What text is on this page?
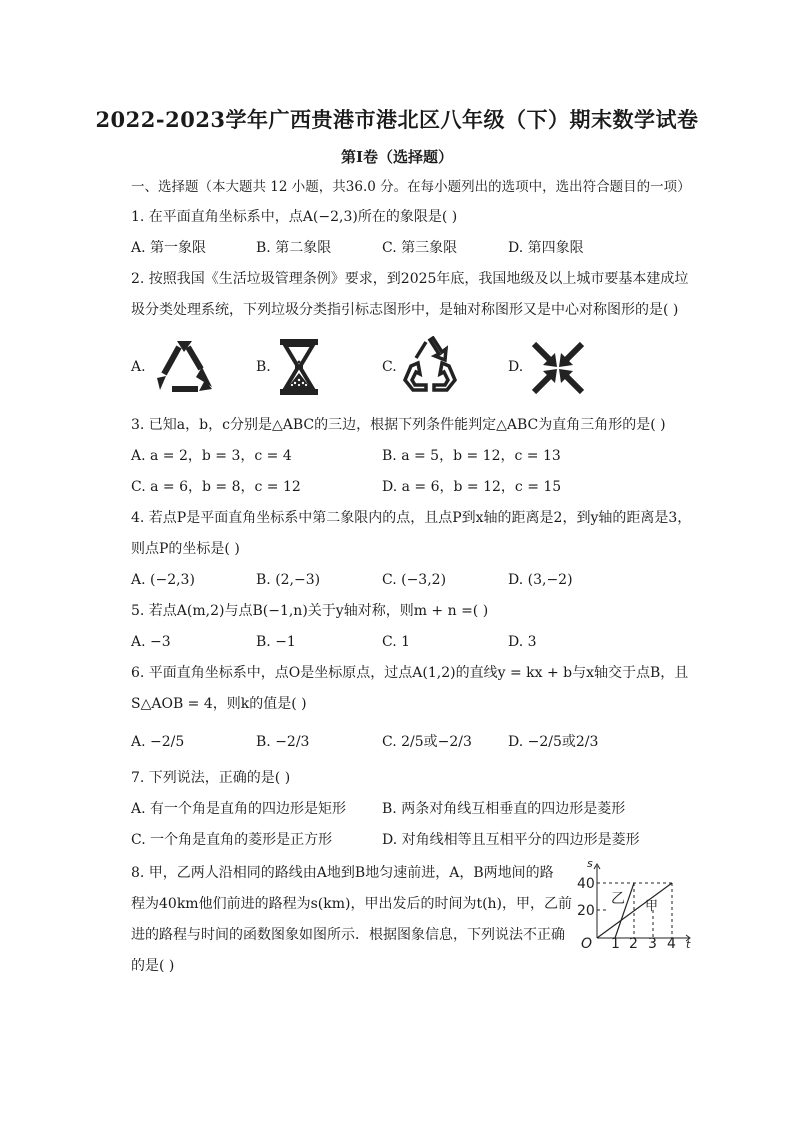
2022-2023学年广西贵港市港北区八年级（下）期末数学试卷
第I卷（选择题）
一、选择题（本大题共 12 小题，共36.0 分。在每小题列出的选项中，选出符合题目的一项）
1. 在平面直角坐标系中，点A(−2,3)所在的象限是( )
A. 第一象限	B. 第二象限	C. 第三象限	D. 第四象限
2. 按照我国《生活垃圾管理条例》要求，到2025年底，我国地级及以上城市要基本建成垃
圾分类处理系统，下列垃圾分类指引标志图形中，是轴对称图形又是中心对称图形的是( )
A.	B.	C.	D.
3. 已知a，b，c分别是△ABC的三边，根据下列条件能判定△ABC为直角三角形的是( )
A. a = 2，b = 3，c = 4	B. a = 5，b = 12，c = 13
C. a = 6，b = 8，c = 12	D. a = 6，b = 12，c = 15
4. 若点P是平面直角坐标系中第二象限内的点，且点P到x轴的距离是2，到y轴的距离是3，
则点P的坐标是( )
A. (−2,3)	B. (2,−3)	C. (−3,2)	D. (3,−2)
5. 若点A(m,2)与点B(−1,n)关于y轴对称，则m + n =( )
A. −3	B. −1	C. 1	D. 3
6. 平面直角坐标系中，点O是坐标原点，过点A(1,2)的直线y = kx + b与x轴交于点B，且
S△AOB = 4，则k的值是( )
A. −2/5	B. −2/3	C. 2/5或−2/3	D. −2/5或2/3
7. 下列说法，正确的是( )
A. 有一个角是直角的四边形是矩形	B. 两条对角线互相垂直的四边形是菱形
C. 一个角是直角的菱形是正方形	D. 对角线相等且互相平分的四边形是菱形
8. 甲，乙两人沿相同的路线由A地到B地匀速前进，A，B两地间的路
程为40km他们前进的路程为s(km)，甲出发后的时间为t(h)，甲，乙前
进的路程与时间的函数图象如图所示．根据图象信息，下列说法不正确
的是( )
s
t
O
40
20
1 2 3 4
乙 甲
